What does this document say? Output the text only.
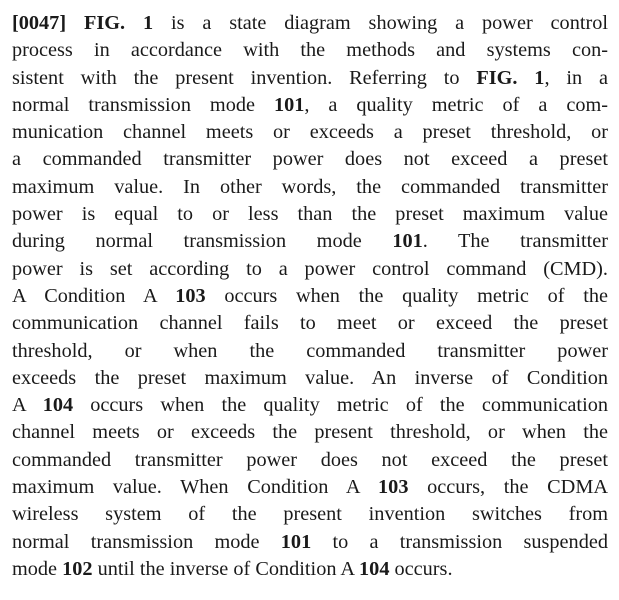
[0047] FIG. 1 is a state diagram showing a power control
process in accordance with the methods and systems con-
sistent with the present invention. Referring to FIG. 1, in a
normal transmission mode 101, a quality metric of a com-
munication channel meets or exceeds a preset threshold, or
a commanded transmitter power does not exceed a preset
maximum value. In other words, the commanded transmitter
power is equal to or less than the preset maximum value
during normal transmission mode 101. The transmitter
power is set according to a power control command (CMD).
A Condition A 103 occurs when the quality metric of the
communication channel fails to meet or exceed the preset
threshold, or when the commanded transmitter power
exceeds the preset maximum value. An inverse of Condition
A 104 occurs when the quality metric of the communication
channel meets or exceeds the present threshold, or when the
commanded transmitter power does not exceed the preset
maximum value. When Condition A 103 occurs, the CDMA
wireless system of the present invention switches from
normal transmission mode 101 to a transmission suspended
mode 102 until the inverse of Condition A 104 occurs.
